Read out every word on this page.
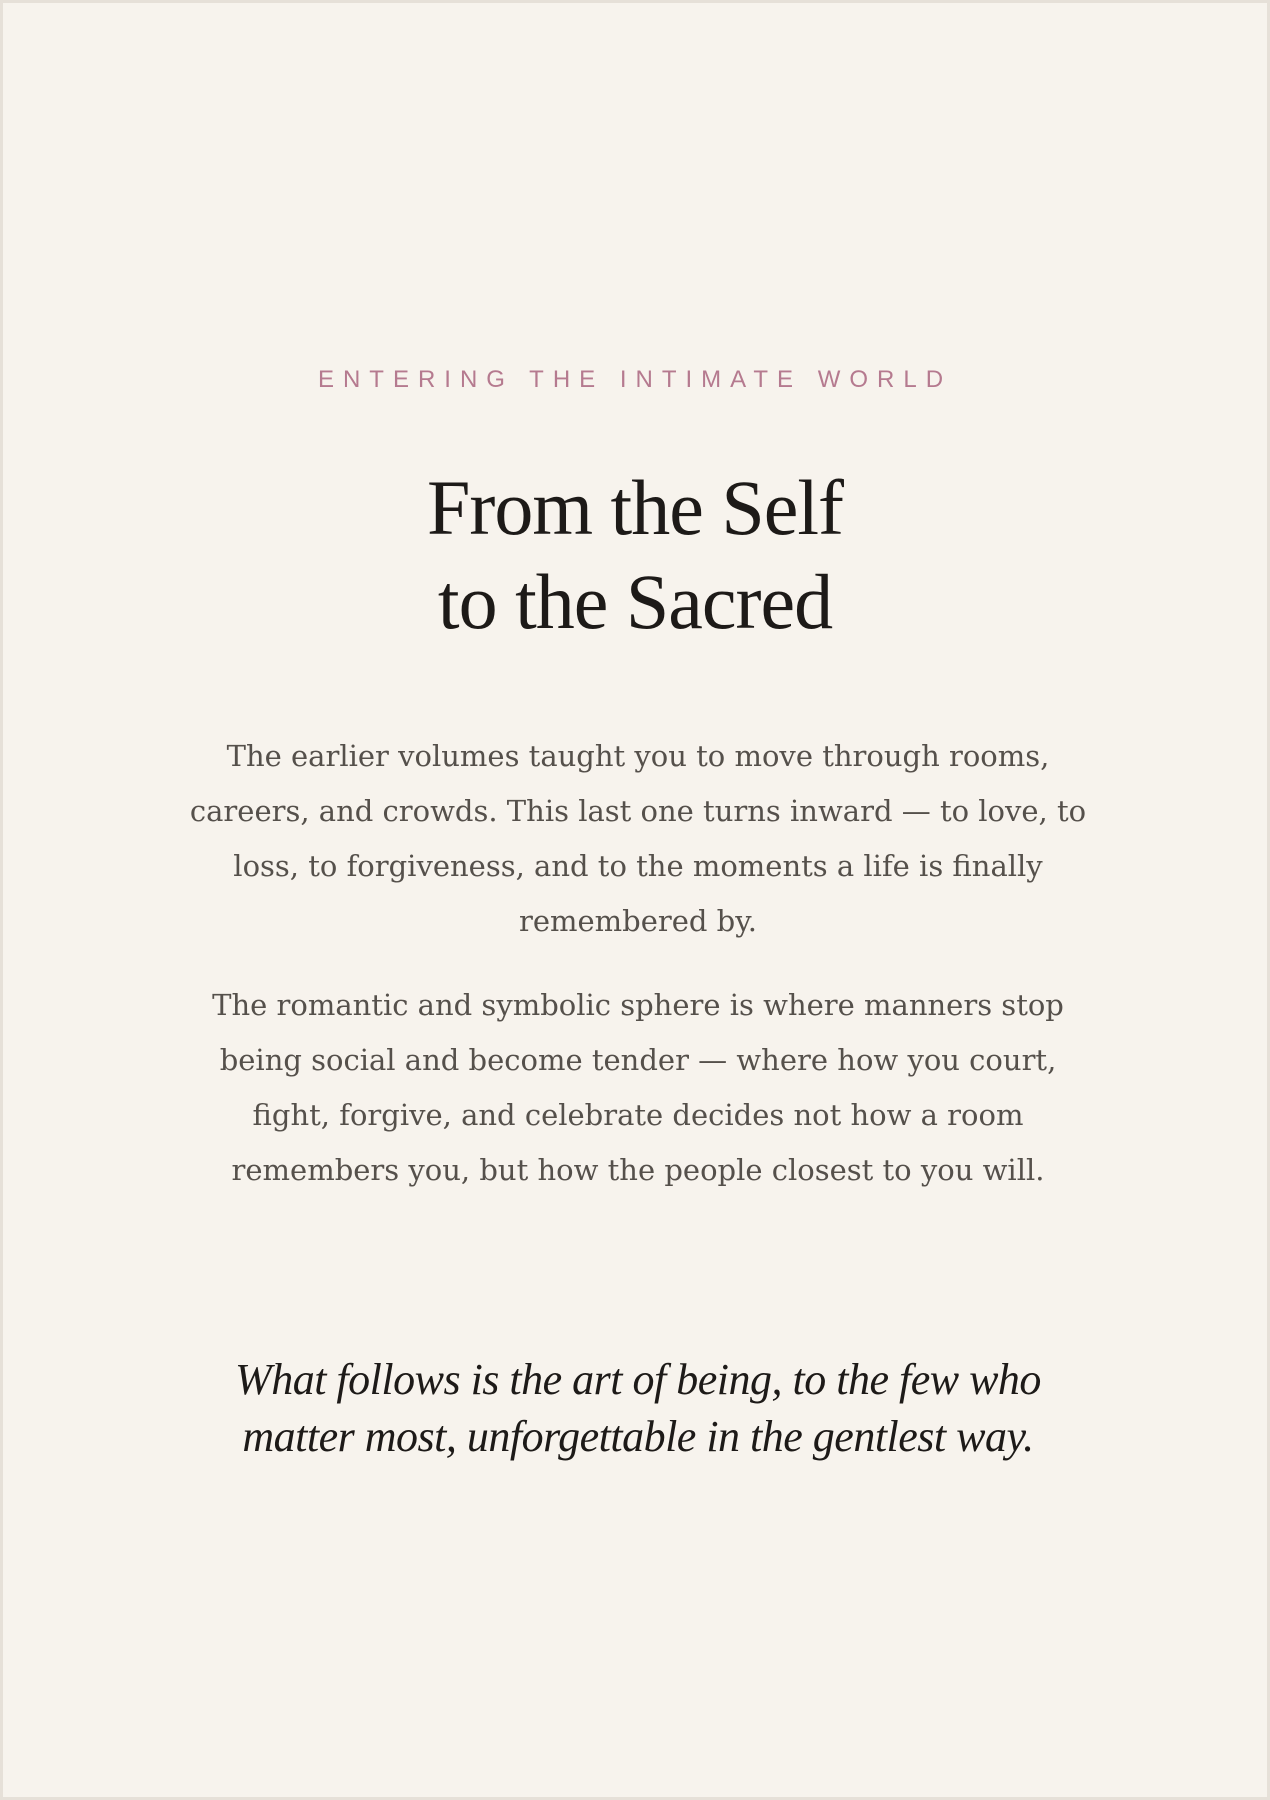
ENTERING THE INTIMATE WORLD

From the Self
to the Sacred

The earlier volumes taught you to move through rooms, careers, and crowds. This last one turns inward — to love, to loss, to forgiveness, and to the moments a life is finally remembered by.

The romantic and symbolic sphere is where manners stop being social and become tender — where how you court, fight, forgive, and celebrate decides not how a room remembers you, but how the people closest to you will.

What follows is the art of being, to the few who matter most, unforgettable in the gentlest way.
